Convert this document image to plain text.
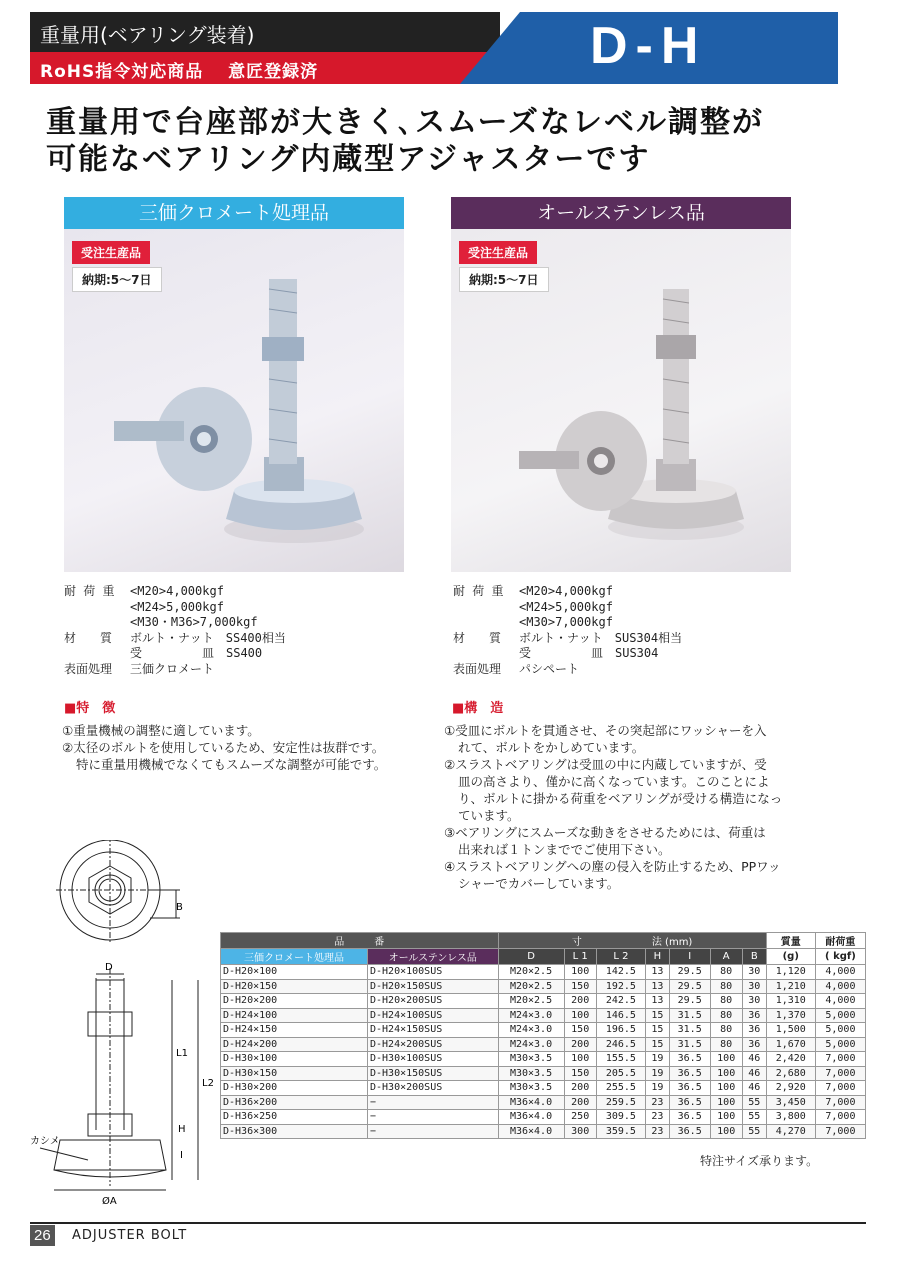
重量用(ベアリング装着)
RoHS指令対応商品　 意匠登録済	D-H
重量用で台座部が大きく､スムーズなレベル調整が
可能なベアリング内蔵型アジャスターです
三価クロメート処理品
受注生産品
納期:5〜7日
耐 荷 重	<M20>4,000kgf
<M24>5,000kgf
<M30・M36>7,000kgf
材　　質	ボルト・ナット　SS400相当
受　　　　　皿　SS400
表面処理	三価クロメート
■特　徴
①重量機械の調整に適しています。
②太径のボルトを使用しているため、安定性は抜群です。
特に重量用機械でなくてもスムーズな調整が可能です。
オールステンレス品
受注生産品
納期:5〜7日
耐 荷 重	<M20>4,000kgf
<M24>5,000kgf
<M30>7,000kgf
材　　質	ボルト・ナット　SUS304相当
受　　　　　皿　SUS304
表面処理	パシペート
■構　造
①受皿にボルトを貫通させ、その突起部にワッシャーを入
れて、ボルトをかしめています。
②スラストベアリングは受皿の中に内蔵していますが、受
皿の高さより、僅かに高くなっています。このことによ
り、ボルトに掛かる荷重をベアリングが受ける構造になっ
ています。
③ベアリングにスムーズな動きをさせるためには、荷重は
出来れば１トンまででご使用下さい。
④スラストベアリングへの塵の侵入を防止するため、PPワッ
シャーでカバーしています。
B
D
L1
L2
H
I
ØA
カシメ
品　　　番		寸　　　　　　　法 (mm)							質量	耐荷重
三価クロメート処理品	オールステンレス品	D	L 1	L 2	H	I	A	B	(g)	( kgf)
D-H20×100	D-H20×100SUS	M20×2.5	100	142.5	13	29.5	80	30	1,120	4,000
D-H20×150	D-H20×150SUS	M20×2.5	150	192.5	13	29.5	80	30	1,210	4,000
D-H20×200	D-H20×200SUS	M20×2.5	200	242.5	13	29.5	80	30	1,310	4,000
D-H24×100	D-H24×100SUS	M24×3.0	100	146.5	15	31.5	80	36	1,370	5,000
D-H24×150	D-H24×150SUS	M24×3.0	150	196.5	15	31.5	80	36	1,500	5,000
D-H24×200	D-H24×200SUS	M24×3.0	200	246.5	15	31.5	80	36	1,670	5,000
D-H30×100	D-H30×100SUS	M30×3.5	100	155.5	19	36.5	100	46	2,420	7,000
D-H30×150	D-H30×150SUS	M30×3.5	150	205.5	19	36.5	100	46	2,680	7,000
D-H30×200	D-H30×200SUS	M30×3.5	200	255.5	19	36.5	100	46	2,920	7,000
D-H36×200	−	M36×4.0	200	259.5	23	36.5	100	55	3,450	7,000
D-H36×250	−	M36×4.0	250	309.5	23	36.5	100	55	3,800	7,000
D-H36×300	−	M36×4.0	300	359.5	23	36.5	100	55	4,270	7,000
特注サイズ承ります。
26	ADJUSTER BOLT
